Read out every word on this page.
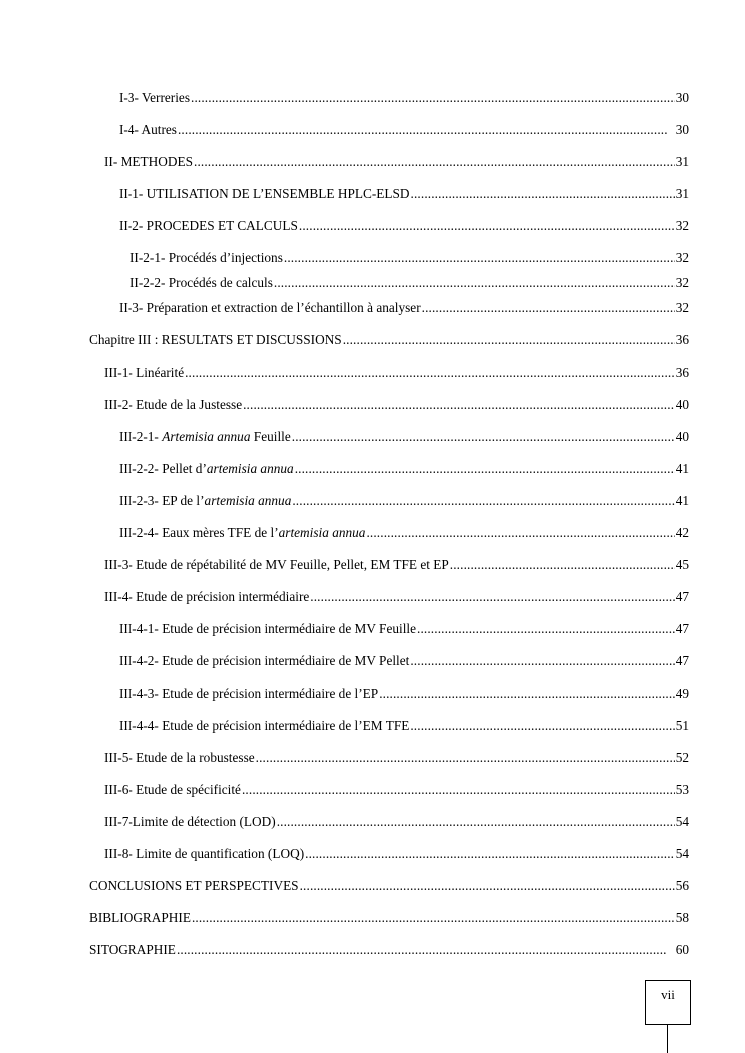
I-3- Verreries . . .	30
I-4- Autres . . .	30
II- METHODES . . .	31
II-1- UTILISATION DE L’ENSEMBLE HPLC-ELSD . . .	31
II-2- PROCEDES ET CALCULS . . .	32
II-2-1- Procédés d’injections . . .	32
II-2-2- Procédés de calculs . . .	32
II-3- Préparation et extraction de l’échantillon à analyser . . .	32
Chapitre III : RESULTATS ET DISCUSSIONS . . .	36
III-1- Linéarité . . .	36
III-2- Etude de la Justesse . . .	40
III-2-1- Artemisia annua Feuille . . .	40
III-2-2- Pellet d’artemisia annua . . .	41
III-2-3- EP de l’artemisia annua . . .	41
III-2-4- Eaux mères TFE de l’artemisia annua . . .	42
III-3- Etude de répétabilité de MV Feuille, Pellet, EM TFE et EP . . .	45
III-4- Etude de précision intermédiaire . . .	47
III-4-1- Etude de précision intermédiaire de MV Feuille . . .	47
III-4-2- Etude de précision intermédiaire de MV Pellet . . .	47
III-4-3- Etude de précision intermédiaire de l’EP . . .	49
III-4-4- Etude de précision intermédiaire de l’EM TFE . . .	51
III-5- Etude de la robustesse . . .	52
III-6- Etude de spécificité . . .	53
III-7-Limite de détection (LOD) . . .	54
III-8- Limite de quantification (LOQ) . . .	54
CONCLUSIONS ET PERSPECTIVES . . .	56
BIBLIOGRAPHIE . . .	58
SITOGRAPHIE . . .	60
vii
